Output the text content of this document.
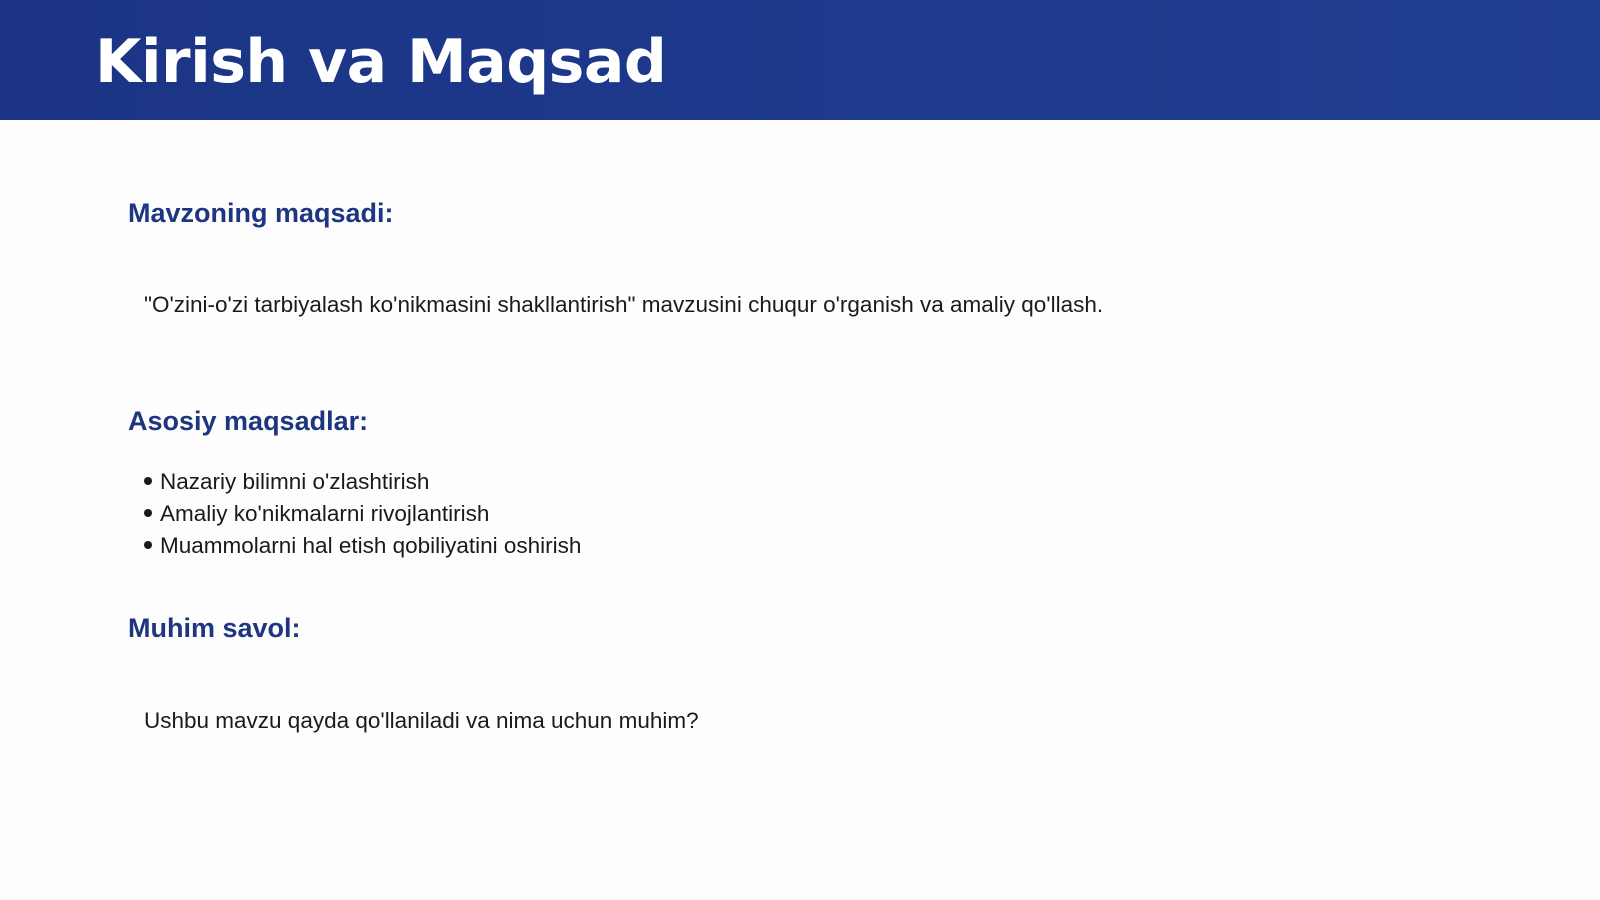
Kirish va Maqsad
Mavzoning maqsadi:

"O'zini-o'zi tarbiyalash ko'nikmasini shakllantirish" mavzusini chuqur o'rganish va amaliy qo'llash.

Asosiy maqsadlar:
Nazariy bilimni o'zlashtirish
Amaliy ko'nikmalarni rivojlantirish
Muammolarni hal etish qobiliyatini oshirish
Muhim savol:

Ushbu mavzu qayda qo'llaniladi va nima uchun muhim?
